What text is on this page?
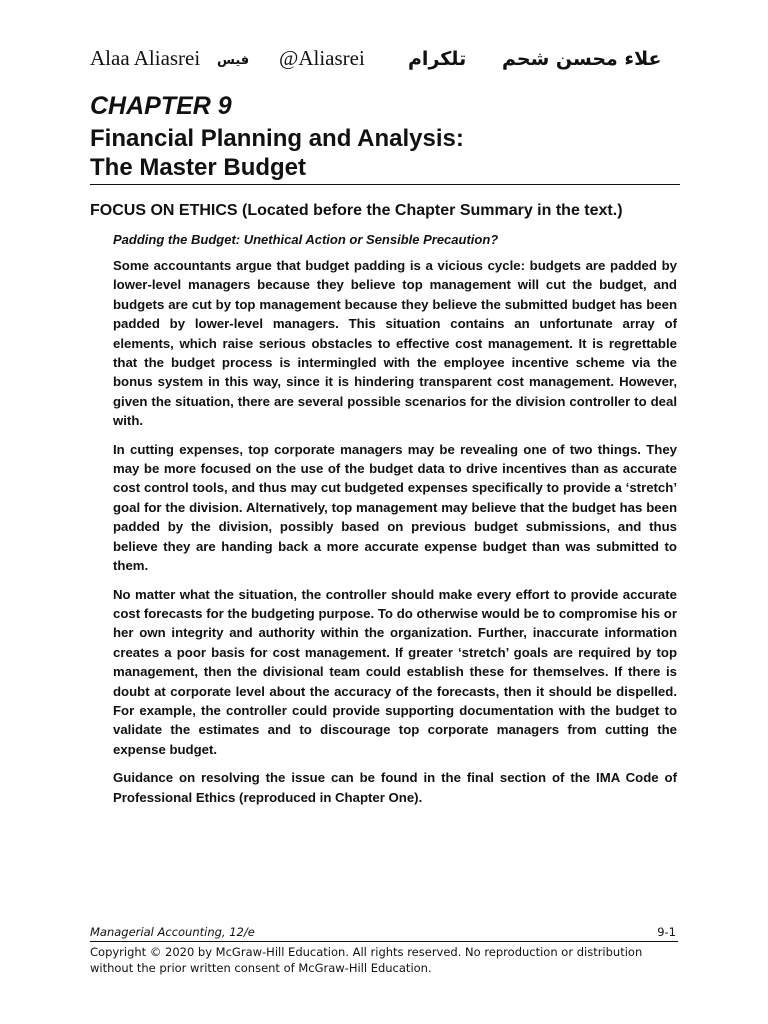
Alaa Aliasrei فيس @Aliasrei تلكرام علاء محسن شحم
CHAPTER 9
Financial Planning and Analysis:
The Master Budget
FOCUS ON ETHICS (Located before the Chapter Summary in the text.)
Padding the Budget: Unethical Action or Sensible Precaution?

Some accountants argue that budget padding is a vicious cycle: budgets are padded by lower-level managers because they believe top management will cut the budget, and budgets are cut by top management because they believe the submitted budget has been padded by lower-level managers. This situation contains an unfortunate array of elements, which raise serious obstacles to effective cost management. It is regrettable that the budget process is intermingled with the employee incentive scheme via the bonus system in this way, since it is hindering transparent cost management. However, given the situation, there are several possible scenarios for the division controller to deal with.

In cutting expenses, top corporate managers may be revealing one of two things. They may be more focused on the use of the budget data to drive incentives than as accurate cost control tools, and thus may cut budgeted expenses specifically to provide a ‘stretch’ goal for the division. Alternatively, top management may believe that the budget has been padded by the division, possibly based on previous budget submissions, and thus believe they are handing back a more accurate expense budget than was submitted to them.

No matter what the situation, the controller should make every effort to provide accurate cost forecasts for the budgeting purpose. To do otherwise would be to compromise his or her own integrity and authority within the organization. Further, inaccurate information creates a poor basis for cost management. If greater ‘stretch’ goals are required by top management, then the divisional team could establish these for themselves. If there is doubt at corporate level about the accuracy of the forecasts, then it should be dispelled. For example, the controller could provide supporting documentation with the budget to validate the estimates and to discourage top corporate managers from cutting the expense budget.

Guidance on resolving the issue can be found in the final section of the IMA Code of Professional Ethics (reproduced in Chapter One).

Managerial Accounting, 12/e	9-1
Copyright © 2020 by McGraw-Hill Education. All rights reserved. No reproduction or distribution without the prior written consent of McGraw-Hill Education.
